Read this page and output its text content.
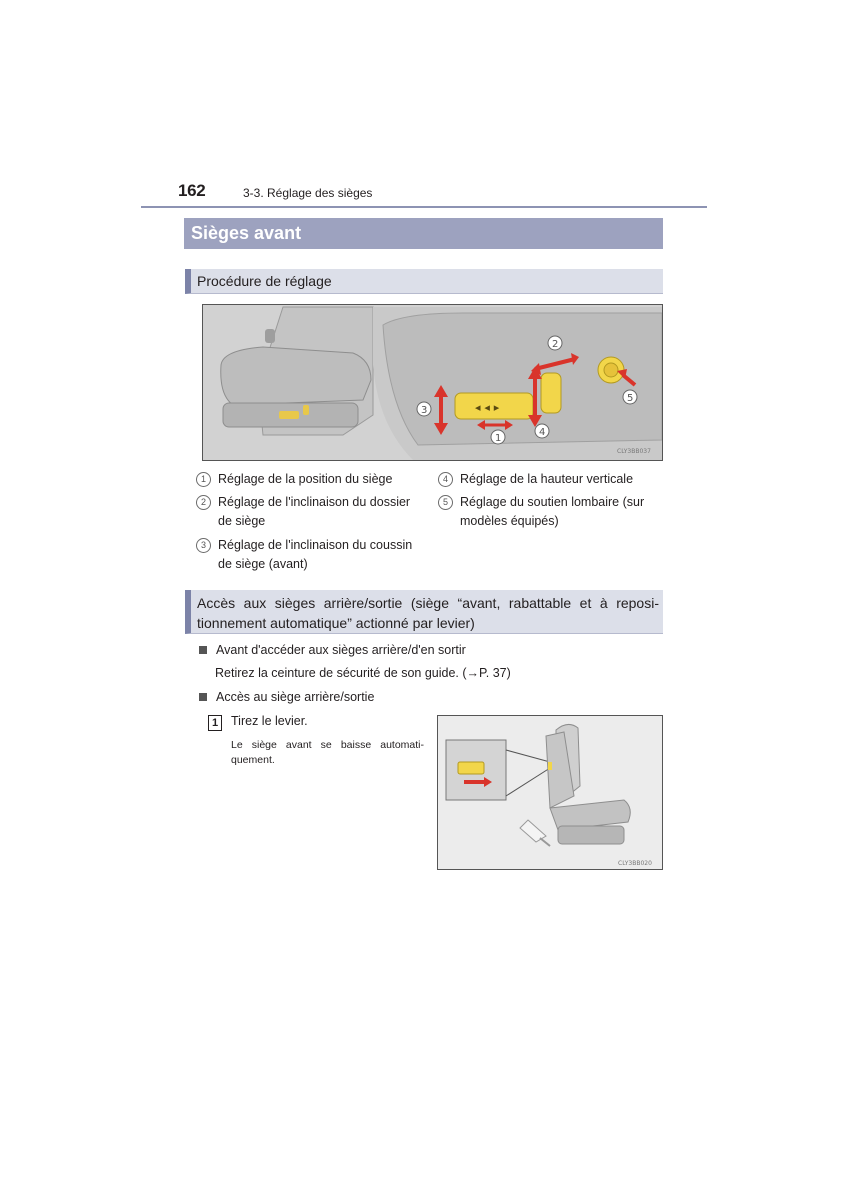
162	3-3. Réglage des sièges
Sièges avant
Procédure de réglage
◂ ◂ ▸
1
2
3
4
5
CLY3BB037
1 Réglage de la position du siège
2 Réglage de l'inclinaison du dossier
de siège
3 Réglage de l'inclinaison du coussin
de siège (avant)
4 Réglage de la hauteur verticale
5 Réglage du soutien lombaire (sur
modèles équipés)
Accès aux sièges arrière/sortie (siège “avant, rabattable et à reposi-tionnement automatique” actionné par levier)
Avant d'accéder aux sièges arrière/d'en sortir
Retirez la ceinture de sécurité de son guide. (→P. 37)
Accès au siège arrière/sortie
1	Tirez le levier.
Le siège avant se baisse automati-quement.
CLY3BB020
